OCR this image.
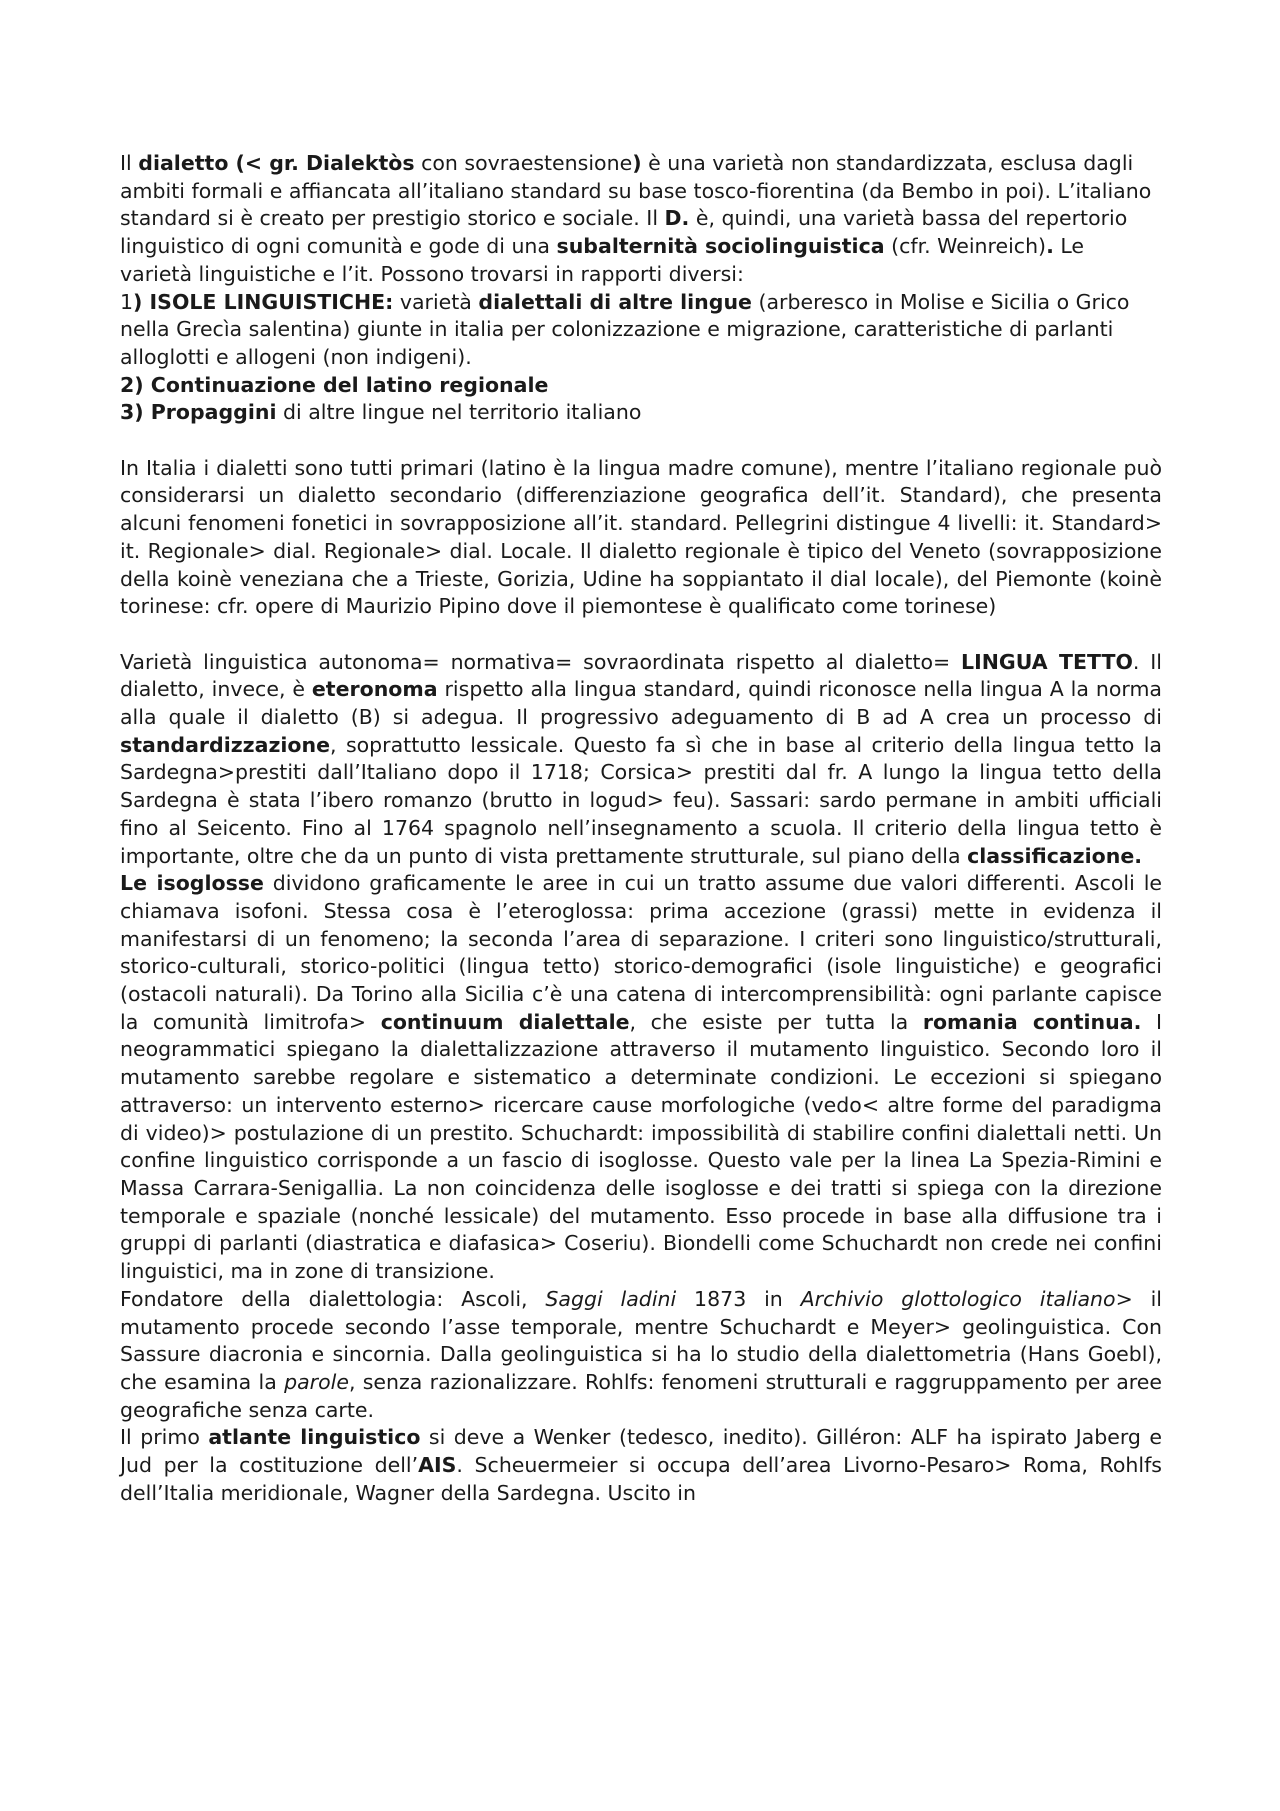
Il dialetto (< gr. Dialektòs con sovraestensione) è una varietà non standardizzata, esclusa dagli ambiti formali e affiancata all’italiano standard su base tosco-fiorentina (da Bembo in poi). L’italiano standard si è creato per prestigio storico e sociale. Il D. è, quindi, una varietà bassa del repertorio linguistico di ogni comunità e gode di una subalternità sociolinguistica (cfr. Weinreich). Le varietà linguistiche e l’it. Possono trovarsi in rapporti diversi:

1) ISOLE LINGUISTICHE: varietà dialettali di altre lingue (arberesco in Molise e Sicilia o Grico nella Grecìa salentina) giunte in italia per colonizzazione e migrazione, caratteristiche di parlanti alloglotti e allogeni (non indigeni).

2) Continuazione del latino regionale

3) Propaggini di altre lingue nel territorio italiano

In Italia i dialetti sono tutti primari (latino è la lingua madre comune), mentre l’italiano regionale può considerarsi un dialetto secondario (differenziazione geografica dell’it. Standard), che presenta alcuni fenomeni fonetici in sovrapposizione all’it. standard. Pellegrini distingue 4 livelli: it. Standard> it. Regionale> dial. Regionale> dial. Locale. Il dialetto regionale è tipico del Veneto (sovrapposizione della koinè veneziana che a Trieste, Gorizia, Udine ha soppiantato il dial locale), del Piemonte (koinè torinese: cfr. opere di Maurizio Pipino dove il piemontese è qualificato come torinese)

Varietà linguistica autonoma= normativa= sovraordinata rispetto al dialetto= LINGUA TETTO. Il dialetto, invece, è eteronoma rispetto alla lingua standard, quindi riconosce nella lingua A la norma alla quale il dialetto (B) si adegua. Il progressivo adeguamento di B ad A crea un processo di standardizzazione, soprattutto lessicale. Questo fa sì che in base al criterio della lingua tetto la Sardegna>prestiti dall’Italiano dopo il 1718; Corsica> prestiti dal fr. A lungo la lingua tetto della Sardegna è stata l’ibero romanzo (brutto in logud> feu). Sassari: sardo permane in ambiti ufficiali fino al Seicento. Fino al 1764 spagnolo nell’insegnamento a scuola. Il criterio della lingua tetto è importante, oltre che da un punto di vista prettamente strutturale, sul piano della classificazione.

Le isoglosse dividono graficamente le aree in cui un tratto assume due valori differenti. Ascoli le chiamava isofoni. Stessa cosa è l’eteroglossa: prima accezione (grassi) mette in evidenza il manifestarsi di un fenomeno; la seconda l’area di separazione. I criteri sono linguistico/strutturali, storico-culturali, storico-politici (lingua tetto) storico-demografici (isole linguistiche) e geografici (ostacoli naturali). Da Torino alla Sicilia c’è una catena di intercomprensibilità: ogni parlante capisce la comunità limitrofa> continuum dialettale, che esiste per tutta la romania continua. I neogrammatici spiegano la dialettalizzazione attraverso il mutamento linguistico. Secondo loro il mutamento sarebbe regolare e sistematico a determinate condizioni. Le eccezioni si spiegano attraverso: un intervento esterno> ricercare cause morfologiche (vedo< altre forme del paradigma di video)> postulazione di un prestito. Schuchardt: impossibilità di stabilire confini dialettali netti. Un confine linguistico corrisponde a un fascio di isoglosse. Questo vale per la linea La Spezia-Rimini e Massa Carrara-Senigallia. La non coincidenza delle isoglosse e dei tratti si spiega con la direzione temporale e spaziale (nonché lessicale) del mutamento. Esso procede in base alla diffusione tra i gruppi di parlanti (diastratica e diafasica> Coseriu). Biondelli come Schuchardt non crede nei confini linguistici, ma in zone di transizione.

Fondatore della dialettologia: Ascoli, Saggi ladini 1873 in Archivio glottologico italiano> il mutamento procede secondo l’asse temporale, mentre Schuchardt e Meyer> geolinguistica. Con Sassure diacronia e sincornia. Dalla geolinguistica si ha lo studio della dialettometria (Hans Goebl), che esamina la parole, senza razionalizzare. Rohlfs: fenomeni strutturali e raggruppamento per aree geografiche senza carte.

Il primo atlante linguistico si deve a Wenker (tedesco, inedito). Gilléron: ALF ha ispirato Jaberg e Jud per la costituzione dell’AIS. Scheuermeier si occupa dell’area Livorno-Pesaro> Roma, Rohlfs dell’Italia meridionale, Wagner della Sardegna. Uscito in
